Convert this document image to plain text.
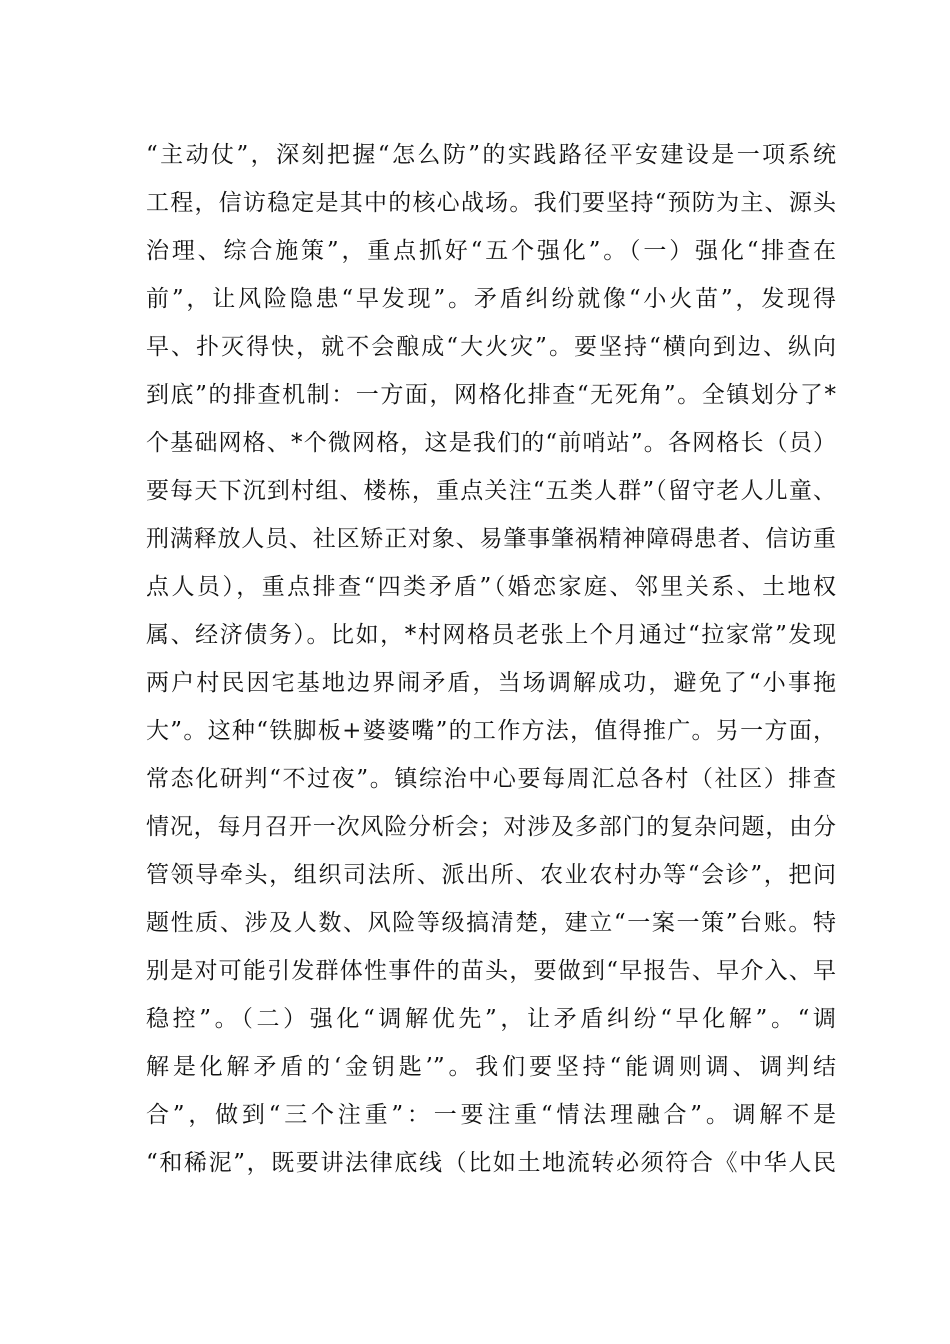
“主动仗”，深刻把握“怎么防”的实践路径平安建设是一项系统
工程，信访稳定是其中的核心战场。我们要坚持“预防为主、源头
治理、综合施策”，重点抓好“五个强化”。（一）强化“排查在
前”，让风险隐患“早发现”。矛盾纠纷就像“小火苗”，发现得
早、扑灭得快，就不会酿成“大火灾”。要坚持“横向到边、纵向
到底”的排查机制：一方面，网格化排查“无死角”。全镇划分了*
个基础网格、*个微网格，这是我们的“前哨站”。各网格长（员）
要每天下沉到村组、楼栋，重点关注“五类人群”（留守老人儿童、
刑满释放人员、社区矫正对象、易肇事肇祸精神障碍患者、信访重
点人员），重点排查“四类矛盾”（婚恋家庭、邻里关系、土地权
属、经济债务）。比如，*村网格员老张上个月通过“拉家常”发现
两户村民因宅基地边界闹矛盾，当场调解成功，避免了“小事拖
大”。这种“铁脚板+婆婆嘴”的工作方法，值得推广。另一方面，
常态化研判“不过夜”。镇综治中心要每周汇总各村（社区）排查
情况，每月召开一次风险分析会；对涉及多部门的复杂问题，由分
管领导牵头，组织司法所、派出所、农业农村办等“会诊”，把问
题性质、涉及人数、风险等级搞清楚，建立“一案一策”台账。特
别是对可能引发群体性事件的苗头，要做到“早报告、早介入、早
稳控”。（二）强化“调解优先”，让矛盾纠纷“早化解”。“调
解是化解矛盾的‘金钥匙’”。我们要坚持“能调则调、调判结
合”，做到“三个注重”：一要注重“情法理融合”。调解不是
“和稀泥”，既要讲法律底线（比如土地流转必须符合《中华人民
